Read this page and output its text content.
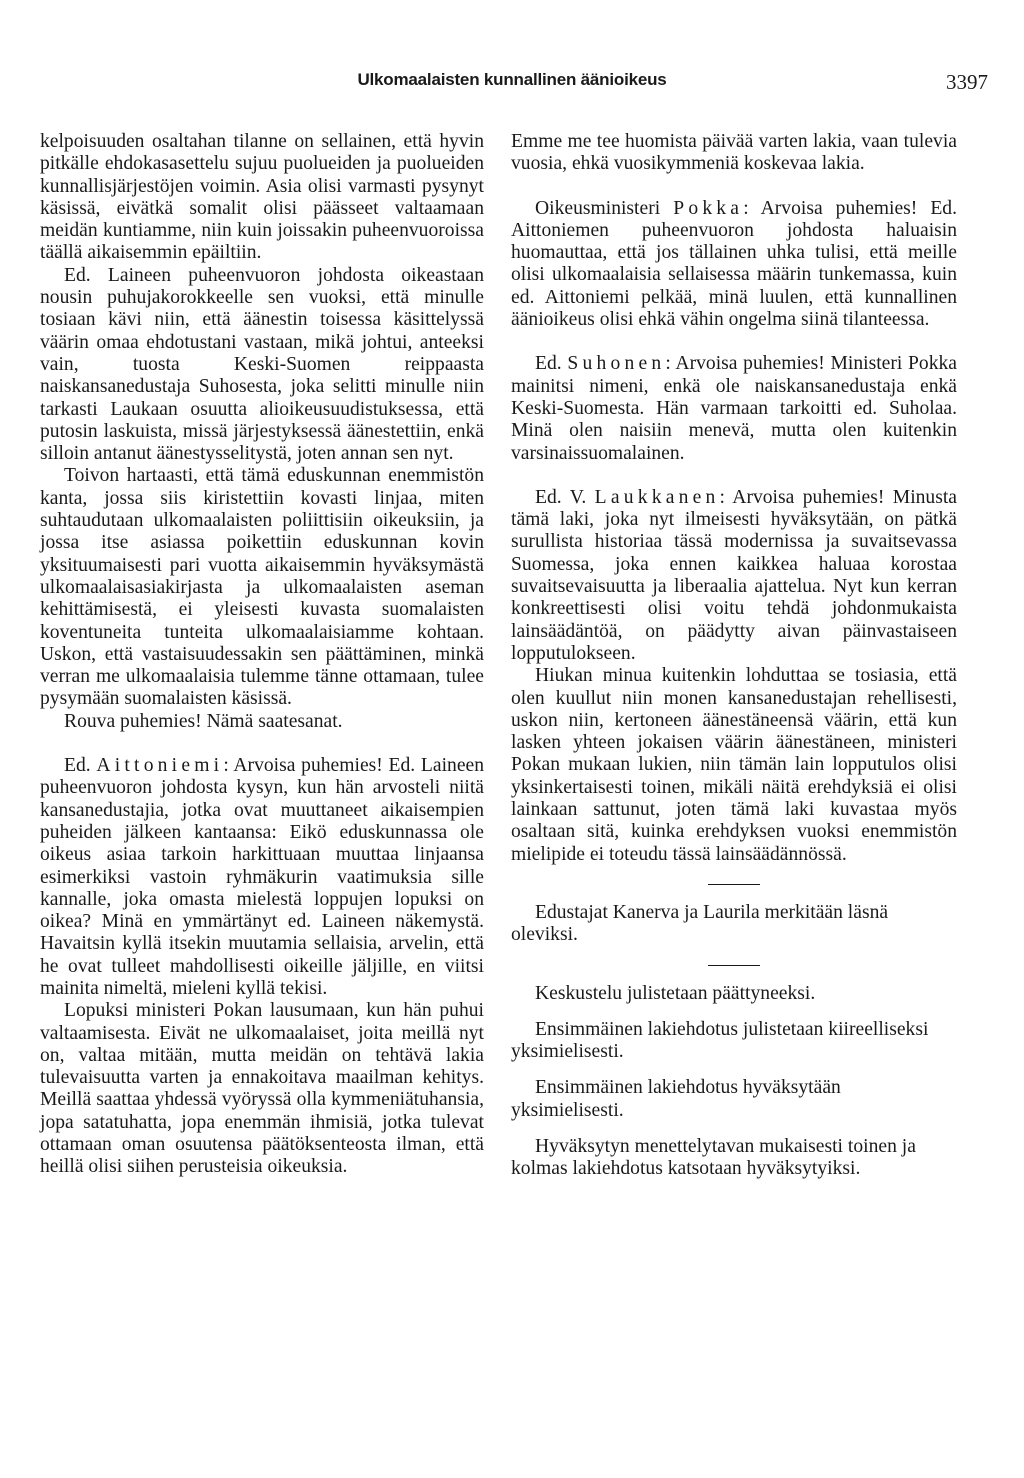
Ulkomaalaisten kunnallinen äänioikeus	3397

kelpoisuuden osaltahan tilanne on sellainen, että hyvin pitkälle ehdokasasettelu sujuu puolueiden ja puolueiden kunnallisjärjestöjen voimin. Asia olisi varmasti pysynyt käsissä, eivätkä somalit olisi päässeet valtaamaan meidän kuntiamme, niin kuin joissakin puheenvuoroissa täällä aikaisemmin epäiltiin.

Ed. Laineen puheenvuoron johdosta oikeastaan nousin puhujakorokkeelle sen vuoksi, että minulle tosiaan kävi niin, että äänestin toisessa käsittelyssä väärin omaa ehdotustani vastaan, mikä johtui, anteeksi vain, tuosta Keski-Suomen reippaasta naiskansanedustaja Suhosesta, joka selitti minulle niin tarkasti Laukaan osuutta alioikeusuudistuksessa, että putosin laskuista, missä järjestyksessä äänestettiin, enkä silloin antanut äänestysselitystä, joten annan sen nyt.

Toivon hartaasti, että tämä eduskunnan enemmistön kanta, jossa siis kiristettiin kovasti linjaa, miten suhtaudutaan ulkomaalaisten poliittisiin oikeuksiin, ja jossa itse asiassa poikettiin eduskunnan kovin yksituumaisesti pari vuotta aikaisemmin hyväksymästä ulkomaalaisasiakirjasta ja ulkomaalaisten aseman kehittämisestä, ei yleisesti kuvasta suomalaisten koventuneita tunteita ulkomaalaisiamme kohtaan. Uskon, että vastaisuudessakin sen päättäminen, minkä verran me ulkomaalaisia tulemme tänne ottamaan, tulee pysymään suomalaisten käsissä.

Rouva puhemies! Nämä saatesanat.

Ed. Aittoniemi: Arvoisa puhemies! Ed. Laineen puheenvuoron johdosta kysyn, kun hän arvosteli niitä kansanedustajia, jotka ovat muuttaneet aikaisempien puheiden jälkeen kantaansa: Eikö eduskunnassa ole oikeus asiaa tarkoin harkittuaan muuttaa linjaansa esimerkiksi vastoin ryhmäkurin vaatimuksia sille kannalle, joka omasta mielestä loppujen lopuksi on oikea? Minä en ymmärtänyt ed. Laineen näkemystä. Havaitsin kyllä itsekin muutamia sellaisia, arvelin, että he ovat tulleet mahdollisesti oikeille jäljille, en viitsi mainita nimeltä, mieleni kyllä tekisi.

Lopuksi ministeri Pokan lausumaan, kun hän puhui valtaamisesta. Eivät ne ulkomaalaiset, joita meillä nyt on, valtaa mitään, mutta meidän on tehtävä lakia tulevaisuutta varten ja ennakoitava maailman kehitys. Meillä saattaa yhdessä vyöryssä olla kymmeniätuhansia, jopa satatuhatta, jopa enemmän ihmisiä, jotka tulevat ottamaan oman osuutensa päätöksenteosta ilman, että heillä olisi siihen perusteisia oikeuksia.

Emme me tee huomista päivää varten lakia, vaan tulevia vuosia, ehkä vuosikymmeniä koskevaa lakia.

Oikeusministeri Pokka: Arvoisa puhemies! Ed. Aittoniemen puheenvuoron johdosta haluaisin huomauttaa, että jos tällainen uhka tulisi, että meille olisi ulkomaalaisia sellaisessa määrin tunkemassa, kuin ed. Aittoniemi pelkää, minä luulen, että kunnallinen äänioikeus olisi ehkä vähin ongelma siinä tilanteessa.

Ed. Suhonen: Arvoisa puhemies! Ministeri Pokka mainitsi nimeni, enkä ole naiskansanedustaja enkä Keski-Suomesta. Hän varmaan tarkoitti ed. Suholaa. Minä olen naisiin menevä, mutta olen kuitenkin varsinaissuomalainen.

Ed. V. Laukkanen: Arvoisa puhemies! Minusta tämä laki, joka nyt ilmeisesti hyväksytään, on pätkä surullista historiaa tässä modernissa ja suvaitsevassa Suomessa, joka ennen kaikkea haluaa korostaa suvaitsevaisuutta ja liberaalia ajattelua. Nyt kun kerran konkreettisesti olisi voitu tehdä johdonmukaista lainsäädäntöä, on päädytty aivan päinvastaiseen lopputulokseen.

Hiukan minua kuitenkin lohduttaa se tosiasia, että olen kuullut niin monen kansanedustajan rehellisesti, uskon niin, kertoneen äänestäneensä väärin, että kun lasken yhteen jokaisen väärin äänestäneen, ministeri Pokan mukaan lukien, niin tämän lain lopputulos olisi yksinkertaisesti toinen, mikäli näitä erehdyksiä ei olisi lainkaan sattunut, joten tämä laki kuvastaa myös osaltaan sitä, kuinka erehdyksen vuoksi enemmistön mielipide ei toteudu tässä lainsäädännössä.

Edustajat Kanerva ja Laurila merkitään läsnä oleviksi.

Keskustelu julistetaan päättyneeksi.

Ensimmäinen lakiehdotus julistetaan kiireelliseksi yksimielisesti.

Ensimmäinen lakiehdotus hyväksytään yksimielisesti.

Hyväksytyn menettelytavan mukaisesti toinen ja kolmas lakiehdotus katsotaan hyväksytyiksi.
